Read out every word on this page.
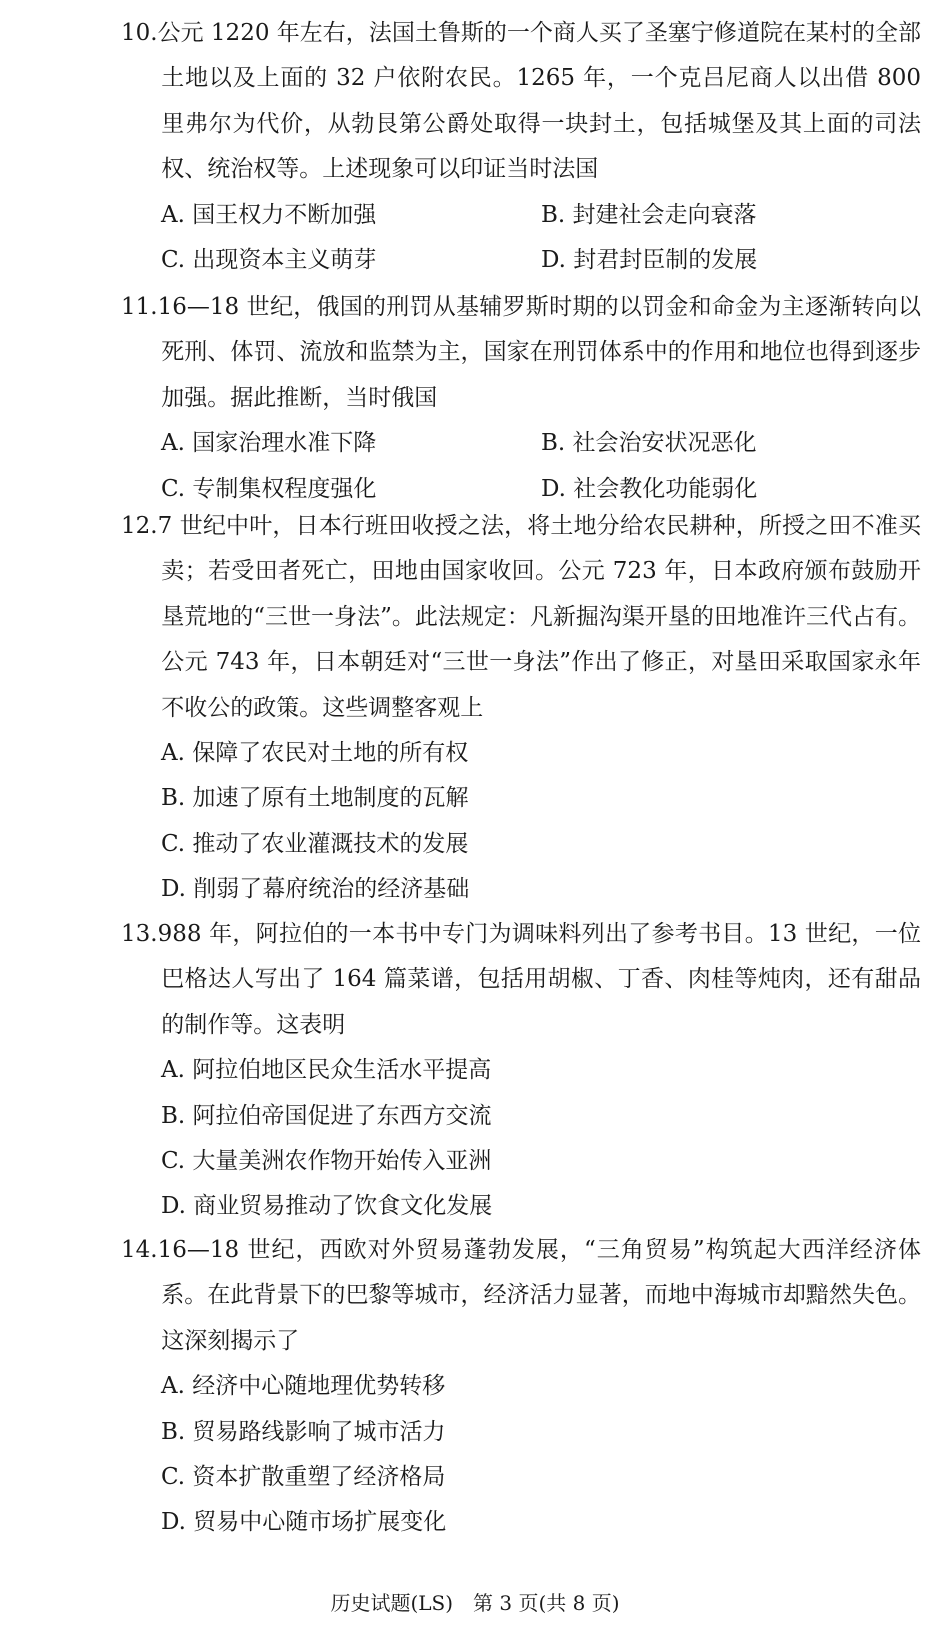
10.公元 1220 年左右，法国土鲁斯的一个商人买了圣塞宁修道院在某村的全部土地以及上面的 32 户依附农民。1265 年，一个克吕尼商人以出借 800 里弗尔为代价，从勃艮第公爵处取得一块封土，包括城堡及其上面的司法权、统治权等。上述现象可以印证当时法国

A. 国王权力不断加强	B. 封建社会走向衰落
C. 出现资本主义萌芽	D. 封君封臣制的发展

11.16—18 世纪，俄国的刑罚从基辅罗斯时期的以罚金和命金为主逐渐转向以死刑、体罚、流放和监禁为主，国家在刑罚体系中的作用和地位也得到逐步加强。据此推断，当时俄国

A. 国家治理水准下降	B. 社会治安状况恶化
C. 专制集权程度强化	D. 社会教化功能弱化

12.7 世纪中叶，日本行班田收授之法，将土地分给农民耕种，所授之田不准买卖；若受田者死亡，田地由国家收回。公元 723 年，日本政府颁布鼓励开垦荒地的“三世一身法”。此法规定：凡新掘沟渠开垦的田地准许三代占有。公元 743 年，日本朝廷对“三世一身法”作出了修正，对垦田采取国家永年不收公的政策。这些调整客观上

A. 保障了农民对土地的所有权
B. 加速了原有土地制度的瓦解
C. 推动了农业灌溉技术的发展
D. 削弱了幕府统治的经济基础

13.988 年，阿拉伯的一本书中专门为调味料列出了参考书目。13 世纪，一位巴格达人写出了 164 篇菜谱，包括用胡椒、丁香、肉桂等炖肉，还有甜品的制作等。这表明

A. 阿拉伯地区民众生活水平提高
B. 阿拉伯帝国促进了东西方交流
C. 大量美洲农作物开始传入亚洲
D. 商业贸易推动了饮食文化发展

14.16—18 世纪，西欧对外贸易蓬勃发展，“三角贸易”构筑起大西洋经济体系。在此背景下的巴黎等城市，经济活力显著，而地中海城市却黯然失色。这深刻揭示了

A. 经济中心随地理优势转移
B. 贸易路线影响了城市活力
C. 资本扩散重塑了经济格局
D. 贸易中心随市场扩展变化
历史试题(LS)　第 3 页(共 8 页)
